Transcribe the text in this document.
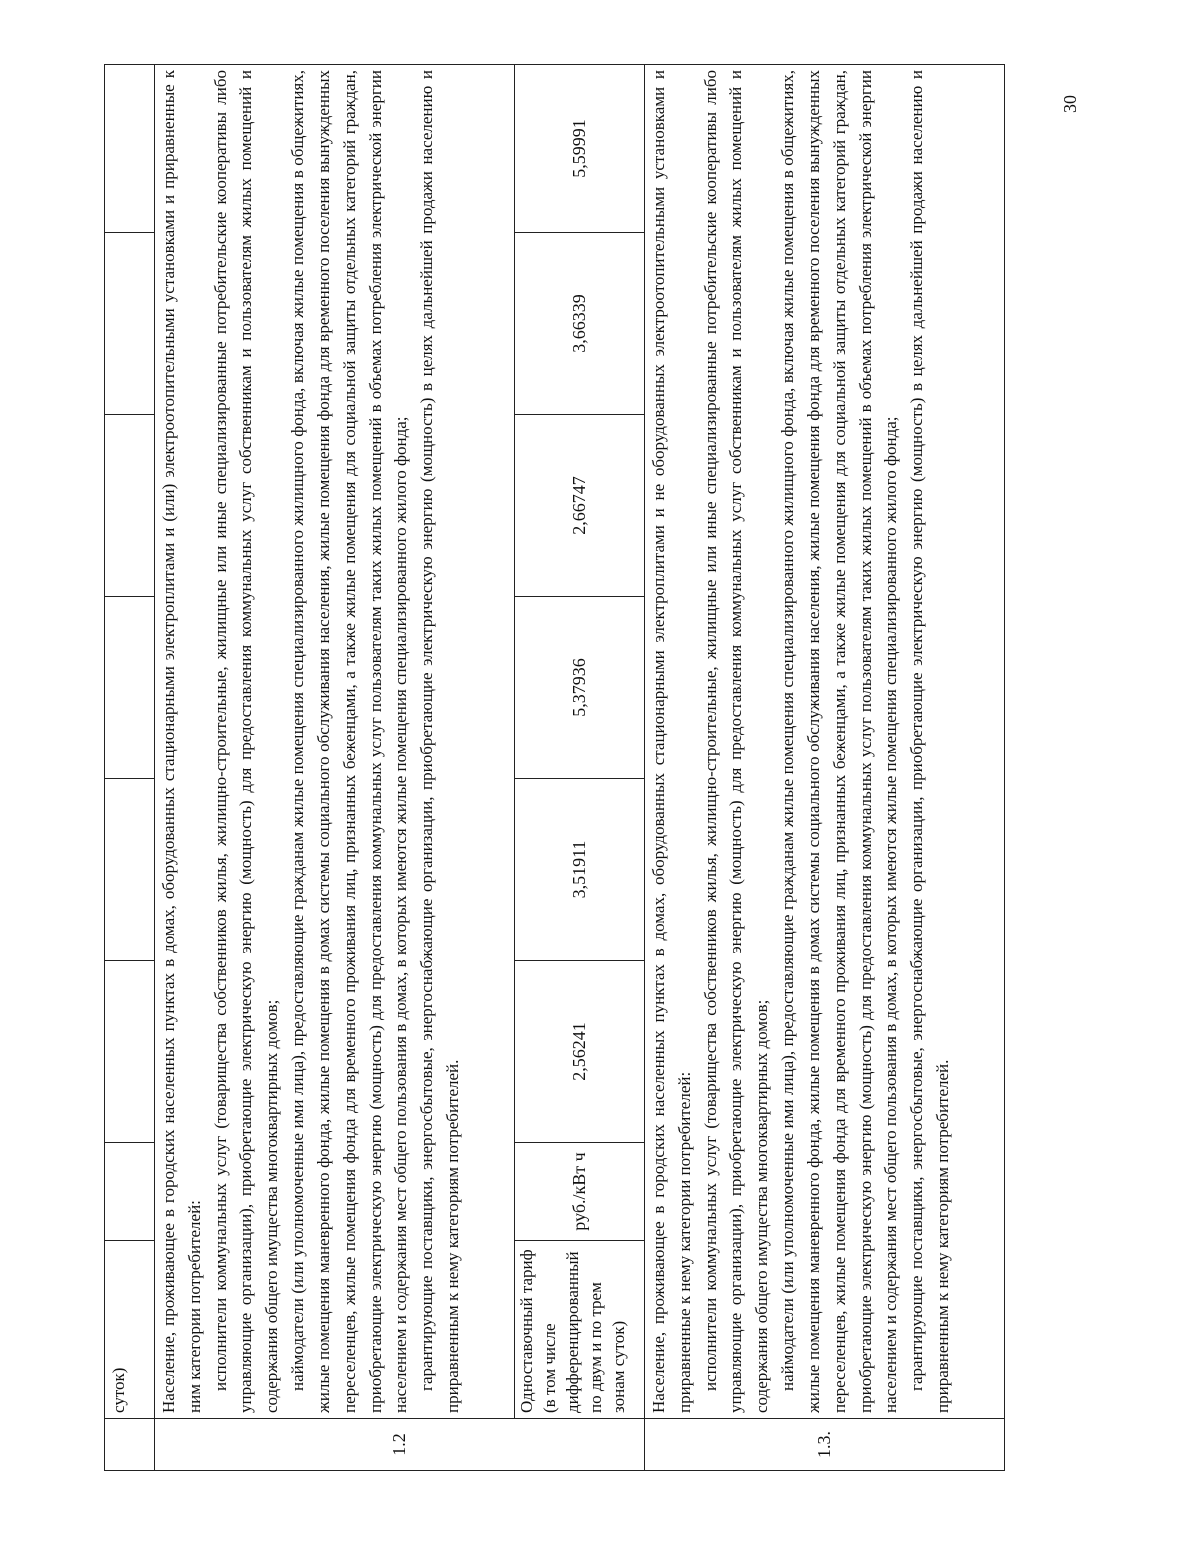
	суток)							
1.2	Население, проживающее в городских населенных пунктах в домах, оборудованных стационарными электроплитами и (или) электроотопительными установками и приравненные к ним категории потребителей: исполнители коммунальных услуг (товарищества собственников жилья, жилищно-строительные, жилищные или иные специализированные потребительские кооперативы либо управляющие организации), приобретающие электрическую энергию (мощность) для предоставления коммунальных услуг собственникам и пользователям жилых помещений и содержания общего имущества многоквартирных домов; наймодатели (или уполномоченные ими лица), предоставляющие гражданам жилые помещения специализированного жилищного фонда, включая жилые помещения в общежитиях, жилые помещения маневренного фонда, жилые помещения в домах системы социального обслуживания населения, жилые помещения фонда для временного поселения вынужденных переселенцев, жилые помещения фонда для временного проживания лиц, признанных беженцами, а также жилые помещения для социальной защиты отдельных категорий граждан, приобретающие электрическую энергию (мощность) для предоставления коммунальных услуг пользователям таких жилых помещений в объемах потребления электрической энергии населением и содержания мест общего пользования в домах, в которых имеются жилые помещения специализированного жилого фонда; гарантирующие поставщики, энергосбытовые, энергоснабжающие организации, приобретающие электрическую энергию (мощность) в целях дальнейшей продажи населению и приравненным к нему категориям потребителей.							

	Одноставочный тариф (в том числе дифференцированный по двум и по трем зонам суток)	руб./кВт ч	2,56241	3,51911	5,37936	2,66747	3,66339	5,59991
1.3.	Население, проживающее в городских населенных пунктах в домах, оборудованных стационарными электроплитами и не оборудованных электроотопительными установками и приравненные к нему категории потребителей: исполнители коммунальных услуг (товарищества собственников жилья, жилищно-строительные, жилищные или иные специализированные потребительские кооперативы либо управляющие организации), приобретающие электрическую энергию (мощность) для предоставления коммунальных услуг собственникам и пользователям жилых помещений и содержания общего имущества многоквартирных домов; наймодатели (или уполномоченные ими лица), предоставляющие гражданам жилые помещения специализированного жилищного фонда, включая жилые помещения в общежитиях, жилые помещения маневренного фонда, жилые помещения в домах системы социального обслуживания населения, жилые помещения фонда для временного поселения вынужденных переселенцев, жилые помещения фонда для временного проживания лиц, признанных беженцами, а также жилые помещения для социальной защиты отдельных категорий граждан, приобретающие электрическую энергию (мощность) для предоставления коммунальных услуг пользователям таких жилых помещений в объемах потребления электрической энергии населением и содержания мест общего пользования в домах, в которых имеются жилые помещения специализированного жилого фонда; гарантирующие поставщики, энергосбытовые, энергоснабжающие организации, приобретающие электрическую энергию (мощность) в целях дальнейшей продажи населению и приравненным к нему категориям потребителей.							

30
